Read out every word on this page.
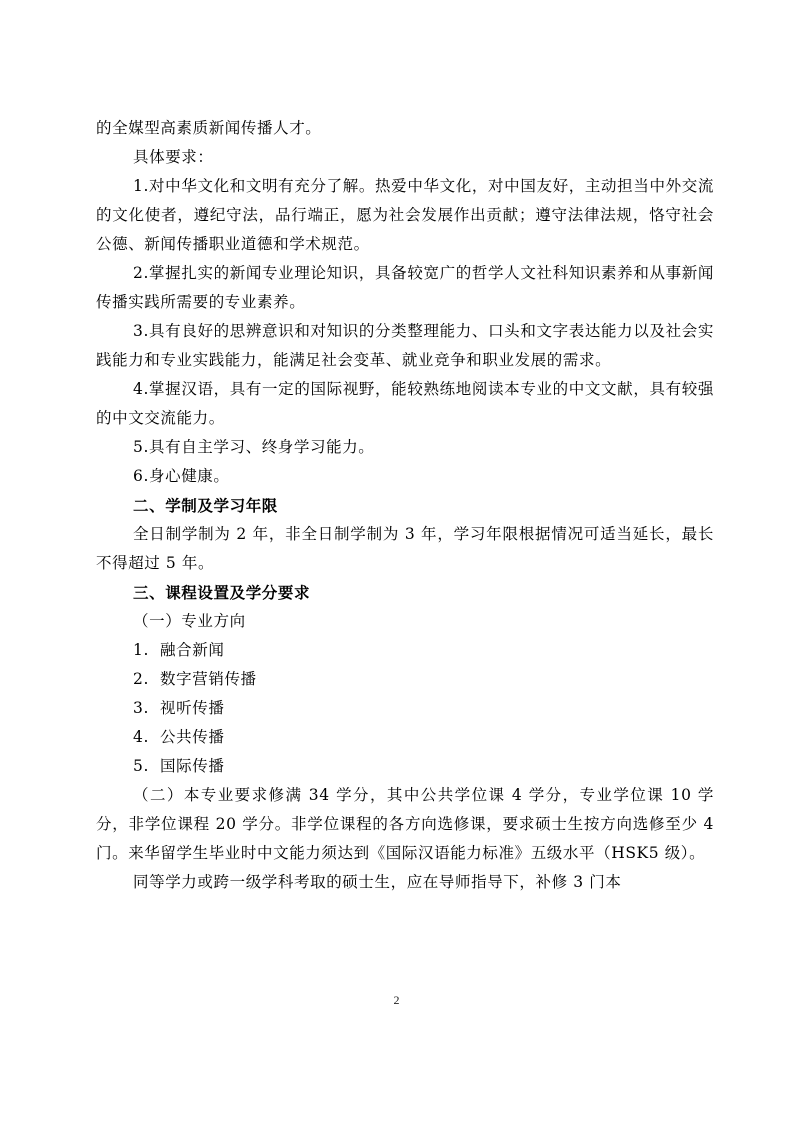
的全媒型高素质新闻传播人才。

具体要求：

1.对中华文化和文明有充分了解。热爱中华文化，对中国友好，主动担当中外交流的文化使者，遵纪守法，品行端正，愿为社会发展作出贡献；遵守法律法规，恪守社会公德、新闻传播职业道德和学术规范。

2.掌握扎实的新闻专业理论知识，具备较宽广的哲学人文社科知识素养和从事新闻传播实践所需要的专业素养。

3.具有良好的思辨意识和对知识的分类整理能力、口头和文字表达能力以及社会实践能力和专业实践能力，能满足社会变革、就业竞争和职业发展的需求。

4.掌握汉语，具有一定的国际视野，能较熟练地阅读本专业的中文文献，具有较强的中文交流能力。

5.具有自主学习、终身学习能力。

6.身心健康。

二、学制及学习年限

全日制学制为 2 年，非全日制学制为 3 年，学习年限根据情况可适当延长，最长不得超过 5 年。

三、课程设置及学分要求

（一）专业方向

1.  融合新闻

2.  数字营销传播

3.  视听传播

4.  公共传播

5.  国际传播

（二）本专业要求修满 34 学分，其中公共学位课 4 学分，专业学位课 10 学分，非学位课程 20 学分。非学位课程的各方向选修课，要求硕士生按方向选修至少 4 门。来华留学生毕业时中文能力须达到《国际汉语能力标准》五级水平（HSK5 级）。

同等学力或跨一级学科考取的硕士生，应在导师指导下，补修 3 门本

2
